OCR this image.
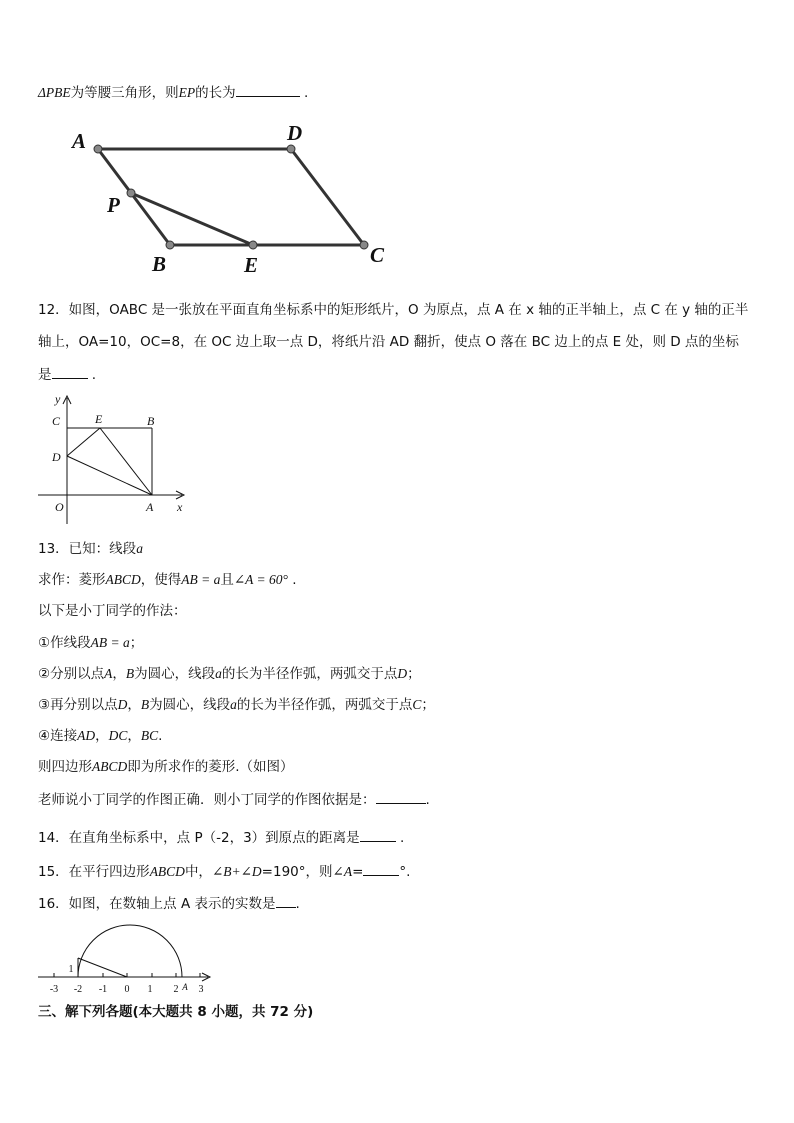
ΔPBE为等腰三角形，则EP的长为	.
A	D
P
B	E	C
12．如图，OABC 是一张放在平面直角坐标系中的矩形纸片，O 为原点，点 A 在 x 轴的正半轴上，点 C 在 y 轴的正半
轴上，OA=10，OC=8，在 OC 边上取一点 D，将纸片沿 AD 翻折，使点 O 落在 BC 边上的点 E 处，则 D 点的坐标
是	.
y
x
C	E	B
D
O	A
13．已知：线段a
求作：菱形ABCD，使得AB = a且∠A = 60° .
以下是小丁同学的作法：
①作线段AB = a；
②分别以点A，B为圆心，线段a的长为半径作弧，两弧交于点D；
③再分别以点D，B为圆心，线段a的长为半径作弧，两弧交于点C；
④连接AD，DC，BC.
则四边形ABCD即为所求作的菱形.（如图）
老师说小丁同学的作图正确．则小丁同学的作图依据是：	.
14．在直角坐标系中，点 P（-2，3）到原点的距离是	.
15．在平行四边形ABCD中，∠B+∠D=190°，则∠A=	°.
16．如图，在数轴上点 A 表示的实数是 .
-3 -2 -1 0 1 2 3
1
A
三、解下列各题(本大题共 8 小题，共 72 分)
